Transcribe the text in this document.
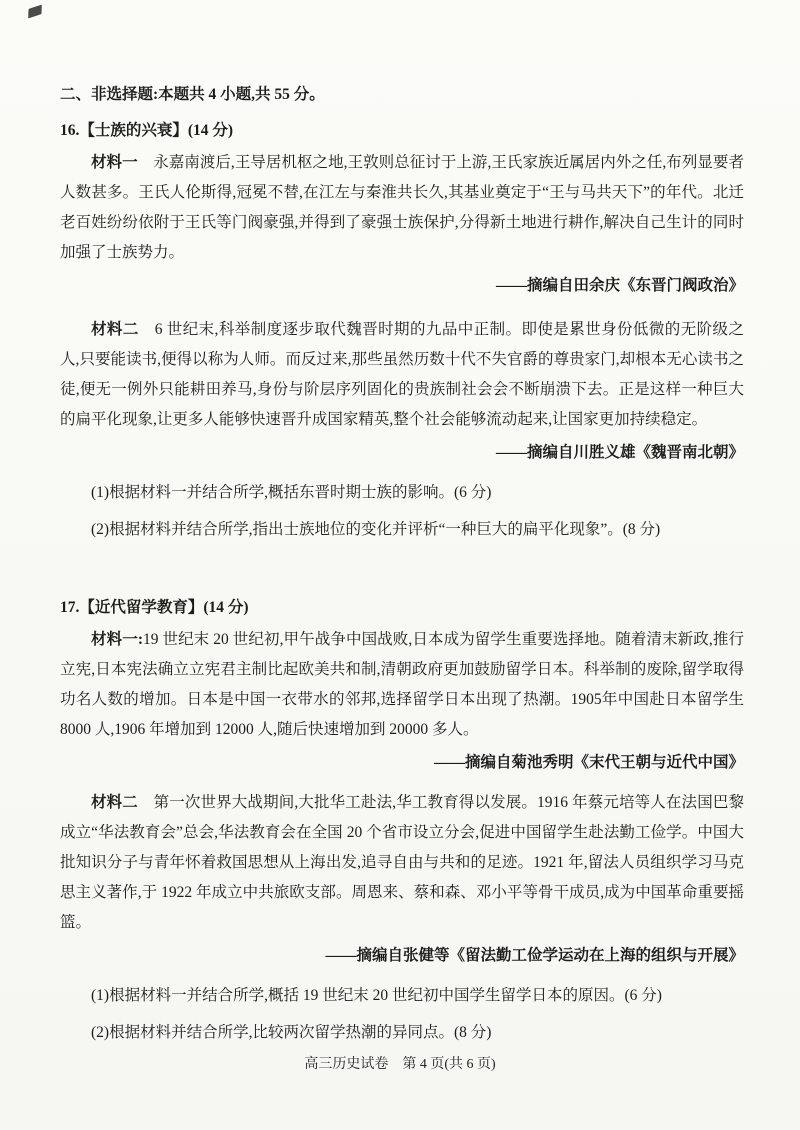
二、非选择题:本题共 4 小题,共 55 分。

16.【士族的兴衰】(14 分)

材料一　永嘉南渡后,王导居机枢之地,王敦则总征讨于上游,王氏家族近属居内外之任,布列显要者人数甚多。王氏人伦斯得,冠冕不替,在江左与秦淮共长久,其基业奠定于“王与马共天下”的年代。北迁老百姓纷纷依附于王氏等门阀豪强,并得到了豪强士族保护,分得新土地进行耕作,解决自己生计的同时加强了士族势力。

——摘编自田余庆《东晋门阀政治》

材料二　6 世纪末,科举制度逐步取代魏晋时期的九品中正制。即使是累世身份低微的无阶级之人,只要能读书,便得以称为人师。而反过来,那些虽然历数十代不失官爵的尊贵家门,却根本无心读书之徒,便无一例外只能耕田养马,身份与阶层序列固化的贵族制社会会不断崩溃下去。正是这样一种巨大的扁平化现象,让更多人能够快速晋升成国家精英,整个社会能够流动起来,让国家更加持续稳定。

——摘编自川胜义雄《魏晋南北朝》

(1)根据材料一并结合所学,概括东晋时期士族的影响。(6 分)

(2)根据材料并结合所学,指出士族地位的变化并评析“一种巨大的扁平化现象”。(8 分)

17.【近代留学教育】(14 分)

材料一:19 世纪末 20 世纪初,甲午战争中国战败,日本成为留学生重要选择地。随着清末新政,推行立宪,日本宪法确立立宪君主制比起欧美共和制,清朝政府更加鼓励留学日本。科举制的废除,留学取得功名人数的增加。日本是中国一衣带水的邻邦,选择留学日本出现了热潮。1905年中国赴日本留学生 8000 人,1906 年增加到 12000 人,随后快速增加到 20000 多人。

——摘编自菊池秀明《末代王朝与近代中国》

材料二　第一次世界大战期间,大批华工赴法,华工教育得以发展。1916 年蔡元培等人在法国巴黎成立“华法教育会”总会,华法教育会在全国 20 个省市设立分会,促进中国留学生赴法勤工俭学。中国大批知识分子与青年怀着救国思想从上海出发,追寻自由与共和的足迹。1921 年,留法人员组织学习马克思主义著作,于 1922 年成立中共旅欧支部。周恩来、蔡和森、邓小平等骨干成员,成为中国革命重要摇篮。

——摘编自张健等《留法勤工俭学运动在上海的组织与开展》

(1)根据材料一并结合所学,概括 19 世纪末 20 世纪初中国学生留学日本的原因。(6 分)

(2)根据材料并结合所学,比较两次留学热潮的异同点。(8 分)

高三历史试卷　第 4 页(共 6 页)
